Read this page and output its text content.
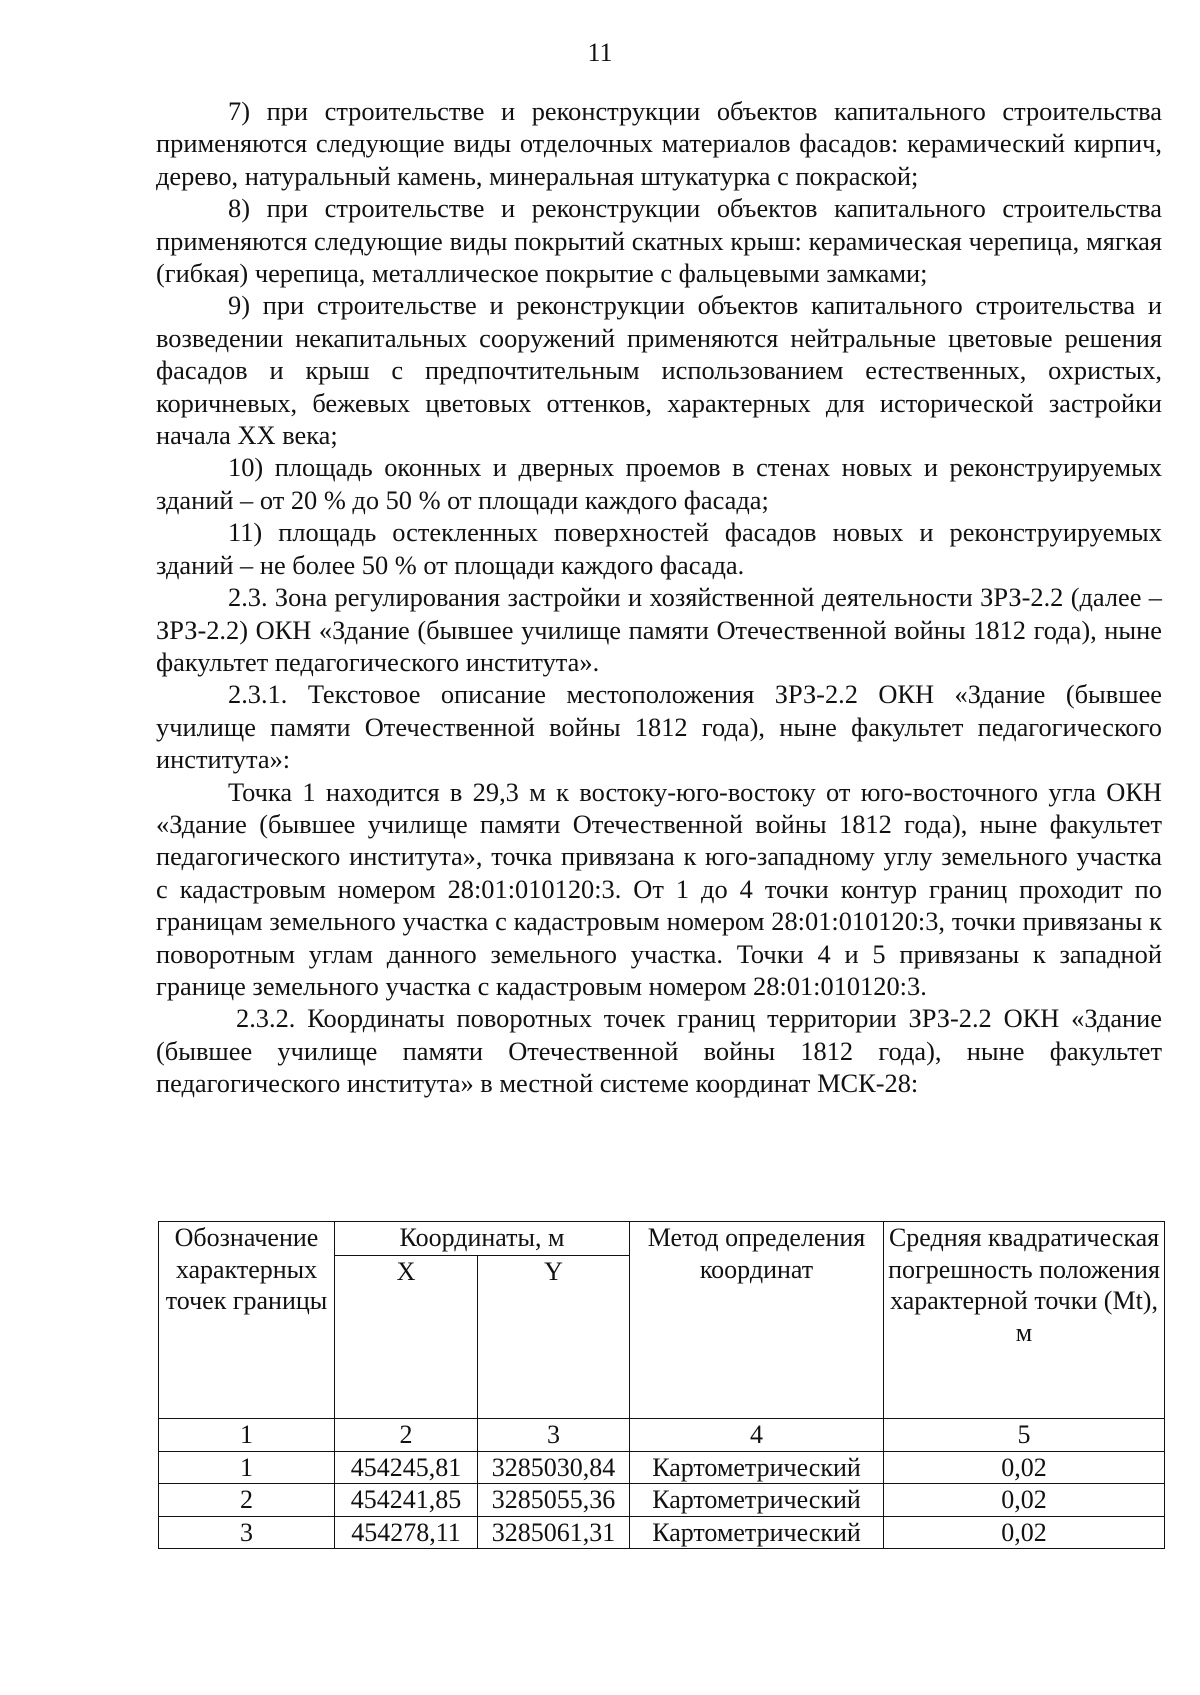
11

7) при строительстве и реконструкции объектов капитального строительства применяются следующие виды отделочных материалов фасадов: керамический кирпич, дерево, натуральный камень, минеральная штукатурка с покраской;

8) при строительстве и реконструкции объектов капитального строительства применяются следующие виды покрытий скатных крыш: керамическая черепица, мягкая (гибкая) черепица, металлическое покрытие с фальцевыми замками;

9) при строительстве и реконструкции объектов капитального строительства и возведении некапитальных сооружений применяются нейтральные цветовые решения фасадов и крыш с предпочтительным использованием естественных, охристых, коричневых, бежевых цветовых оттенков, характерных для исторической застройки начала XX века;

10) площадь оконных и дверных проемов в стенах новых и реконструируемых зданий – от 20 % до 50 % от площади каждого фасада;

11) площадь остекленных поверхностей фасадов новых и реконструируемых зданий – не более 50 % от площади каждого фасада.

2.3. Зона регулирования застройки и хозяйственной деятельности ЗРЗ-2.2 (далее – ЗРЗ-2.2) ОКН «Здание (бывшее училище памяти Отечественной войны 1812 года), ныне факультет педагогического института».

2.3.1. Текстовое описание местоположения ЗРЗ-2.2 ОКН «Здание (бывшее училище памяти Отечественной войны 1812 года), ныне факультет педагогического института»:

Точка 1 находится в 29,3 м к востоку-юго-востоку от юго-восточного угла ОКН «Здание (бывшее училище памяти Отечественной войны 1812 года), ныне факультет педагогического института», точка привязана к юго-западному углу земельного участка с кадастровым номером 28:01:010120:3. От 1 до 4 точки контур границ проходит по границам земельного участка с кадастровым номером 28:01:010120:3, точки привязаны к поворотным углам данного земельного участка. Точки 4 и 5 привязаны к западной границе земельного участка с кадастровым номером 28:01:010120:3.

2.3.2. Координаты поворотных точек границ территории ЗРЗ-2.2 ОКН «Здание (бывшее училище памяти Отечественной войны 1812 года), ныне факультет педагогического института» в местной системе координат МСК-28:

Обозначение характерных точек границы	Координаты, м		Метод определения координат	Средняя квадратическая погрешность положения характерной точки (Mt), м
	X	Y		
1	2	3	4	5
1	454245,81	3285030,84	Картометрический	0,02
2	454241,85	3285055,36	Картометрический	0,02
3	454278,11	3285061,31	Картометрический	0,02
